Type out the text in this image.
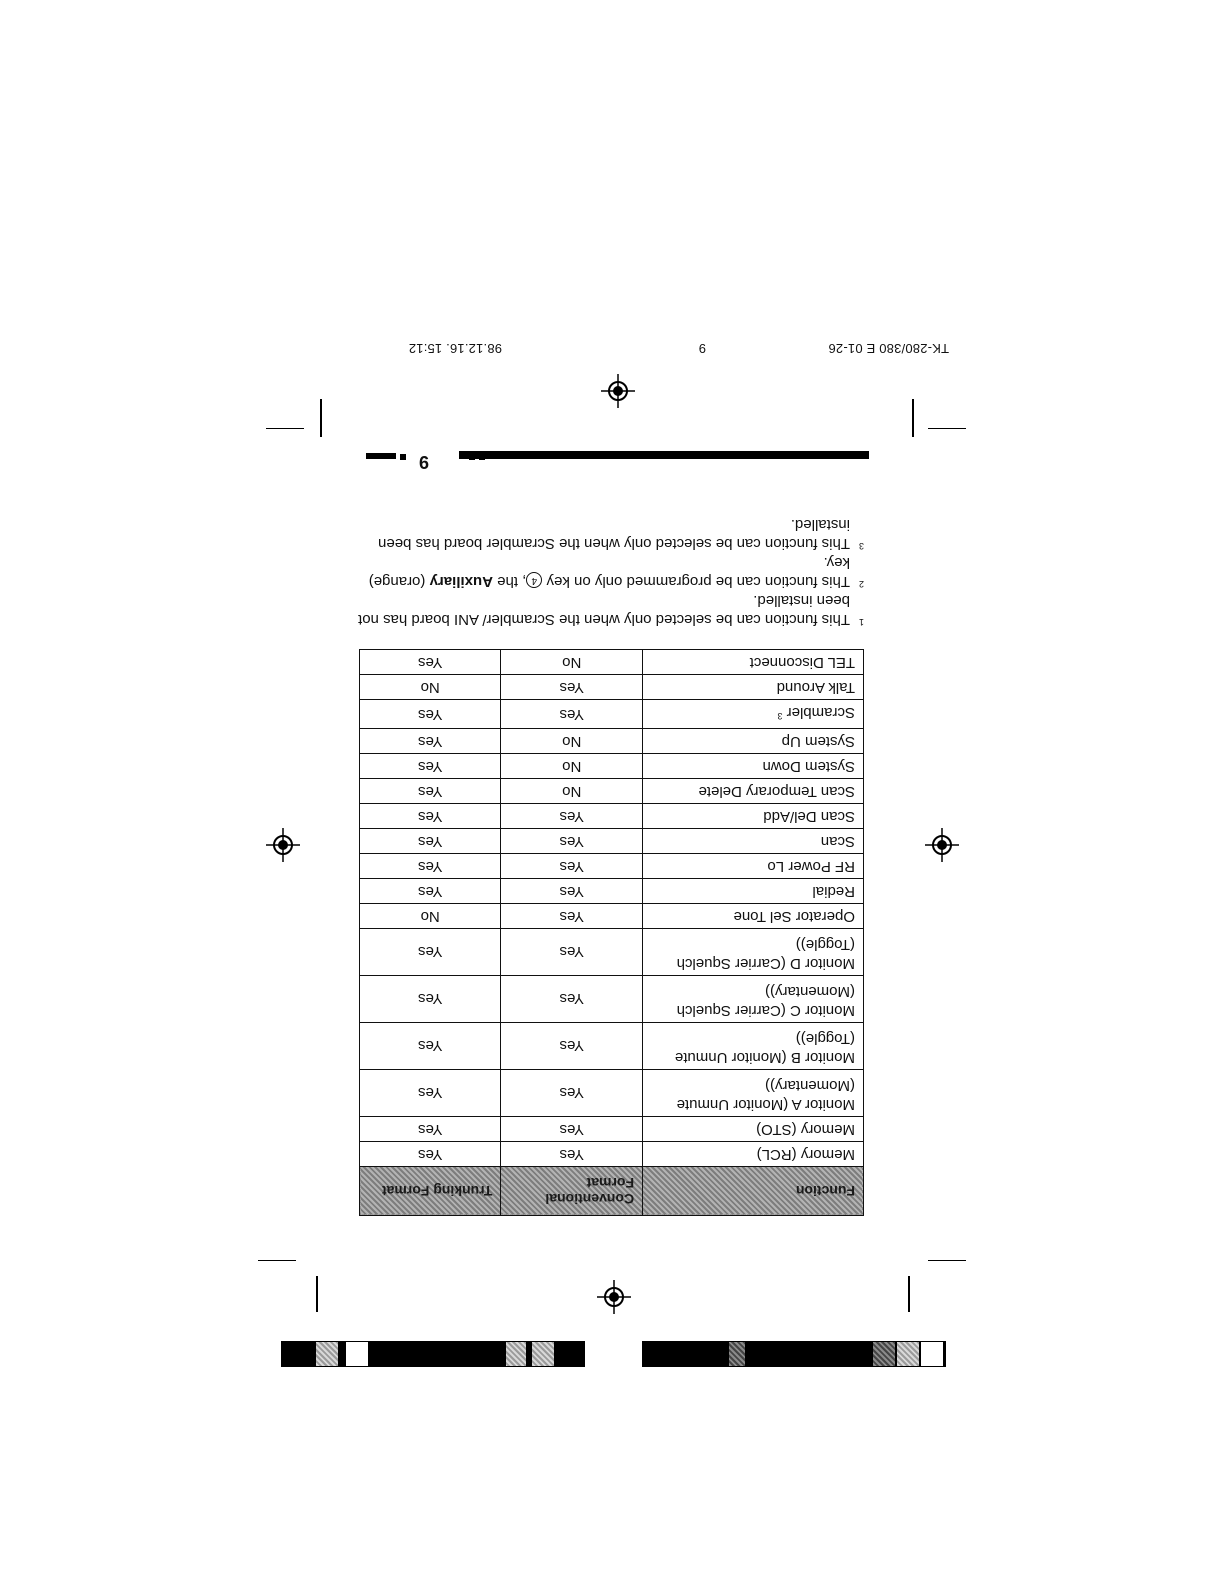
TK-280/380 E 01-26
9
98.12.16. 15:12
9
1
This function can be selected only when the Scrambler/ ANI board has not been installed.
2
This function can be programmed only on key 4, the Auxiliary (orange) key.
3
This function can be selected only when the Scrambler board has been installed.
Function	Conventional Format	Trunking Format
Memory (RCL)	Yes	Yes
Memory (STO)	Yes	Yes
Monitor A (Monitor Unmute (Momentary))	Yes	Yes
Monitor B (Monitor Unmute (Toggle))	Yes	Yes
Monitor C (Carrier Squelch (Momentary))	Yes	Yes
Monitor D (Carrier Squelch (Toggle))	Yes	Yes
Operator Sel Tone	Yes	No
Redial	Yes	Yes
RF Power Lo	Yes	Yes
Scan	Yes	Yes
Scan Del/Add	Yes	Yes
Scan Temporary Delete	No	Yes
System Down	No	Yes
System Up	No	Yes
Scrambler $^3$	Yes	Yes
Talk Around	Yes	No
TEL Disconnect	No	Yes
